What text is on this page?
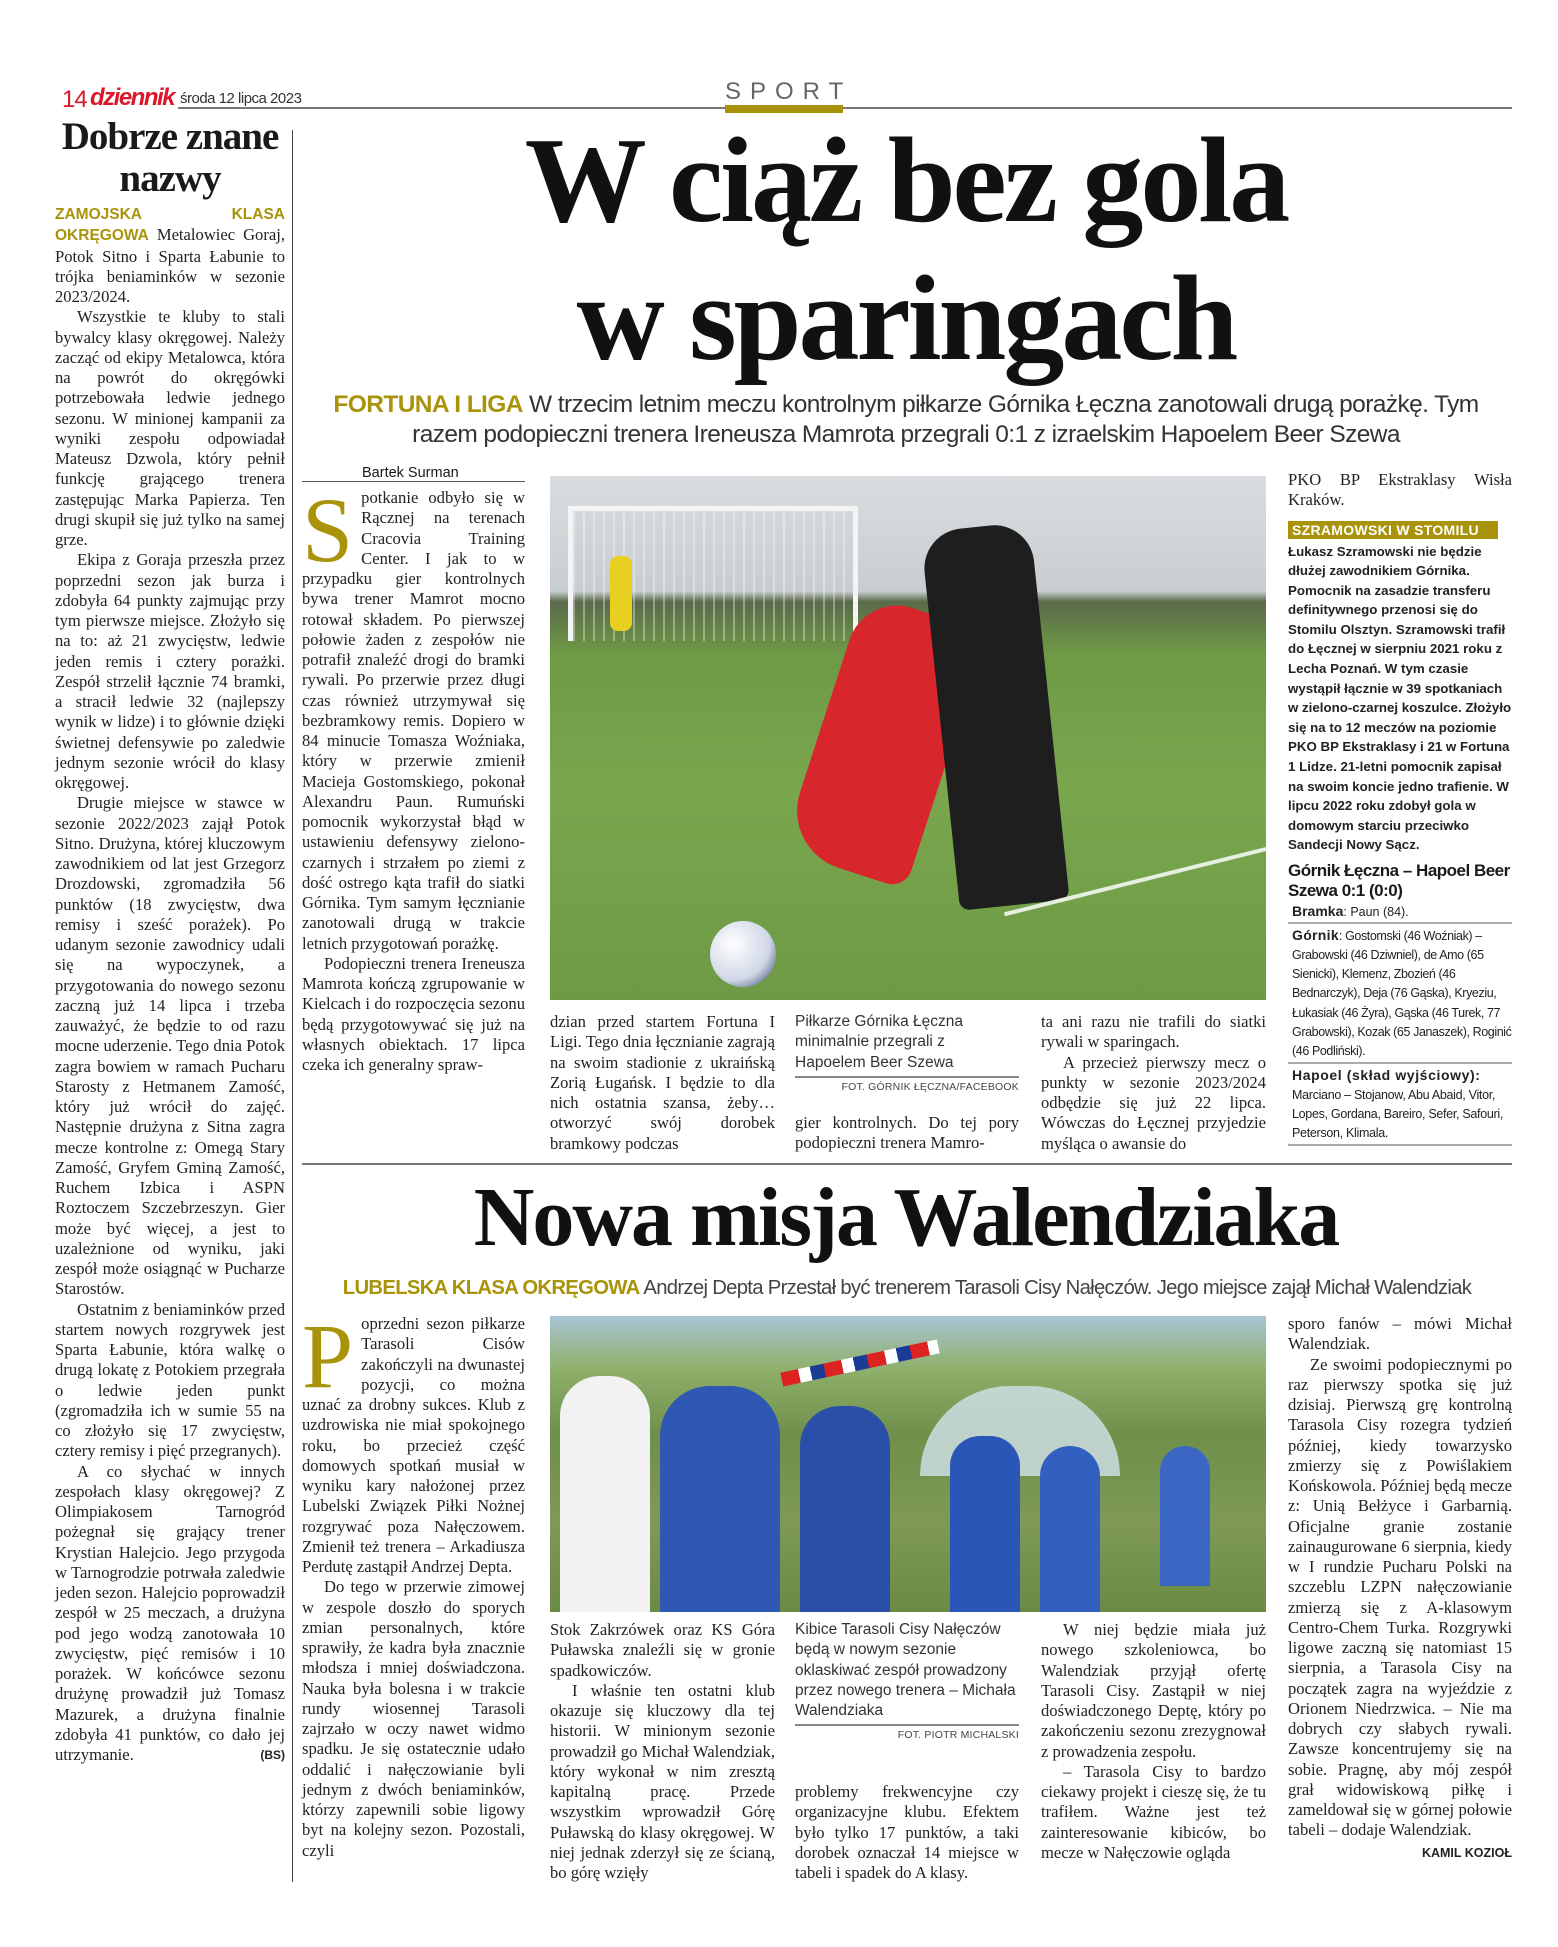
14 dziennik środa 12 lipca 2023	SPORT
Dobrze znane nazwy

ZAMOJSKA KLASA OKRĘGOWA Metalowiec Goraj, Potok Sitno i Sparta Łabunie to trójka beniaminków w sezonie 2023/2024.

Wszystkie te kluby to stali bywalcy klasy okręgowej. Należy zacząć od ekipy Metalowca, która na powrót do okręgówki potrzebowała ledwie jednego sezonu. W minionej kampanii za wyniki zespołu odpowiadał Mateusz Dzwola, który pełnił funkcję grającego trenera zastępując Marka Papierza. Ten drugi skupił się już tylko na samej grze.

Ekipa z Goraja przeszła przez poprzedni sezon jak burza i zdobyła 64 punkty zajmując przy tym pierwsze miejsce. Złożyło się na to: aż 21 zwycięstw, ledwie jeden remis i cztery porażki. Zespół strzelił łącznie 74 bramki, a stracił ledwie 32 (najlepszy wynik w lidze) i to głównie dzięki świetnej defensywie po zaledwie jednym sezonie wrócił do klasy okręgowej.

Drugie miejsce w stawce w sezonie 2022/2023 zajął Potok Sitno. Drużyna, której kluczowym zawodnikiem od lat jest Grzegorz Drozdowski, zgromadziła 56 punktów (18 zwycięstw, dwa remisy i sześć porażek). Po udanym sezonie zawodnicy udali się na wypoczynek, a przygotowania do nowego sezonu zaczną już 14 lipca i trzeba zauważyć, że będzie to od razu mocne uderzenie. Tego dnia Potok zagra bowiem w ramach Pucharu Starosty z Hetmanem Zamość, który już wrócił do zajęć. Następnie drużyna z Sitna zagra mecze kontrolne z: Omegą Stary Zamość, Gryfem Gminą Zamość, Ruchem Izbica i ASPN Roztoczem Szczebrzeszyn. Gier może być więcej, a jest to uzależnione od wyniku, jaki zespół może osiągnąć w Pucharze Starostów.

Ostatnim z beniaminków przed startem nowych rozgrywek jest Sparta Łabunie, która walkę o drugą lokatę z Potokiem przegrała o ledwie jeden punkt (zgromadziła ich w sumie 55 na co złożyło się 17 zwycięstw, cztery remisy i pięć przegranych).

A co słychać w innych zespołach klasy okręgowej? Z Olimpiakosem Tarnogród pożegnał się grający trener Krystian Halejcio. Jego przygoda w Tarnogrodzie potrwała zaledwie jeden sezon. Halejcio poprowadził zespół w 25 meczach, a drużyna pod jego wodzą zanotowała 10 zwycięstw, pięć remisów i 10 porażek. W końcówce sezonu drużynę prowadził już Tomasz Mazurek, a drużyna finalnie zdobyła 41 punktów, co dało jej utrzymanie.	(BS)

W ciąż bez gola
w sparingach
FORTUNA I LIGA W trzecim letnim meczu kontrolnym piłkarze Górnika Łęczna zanotowali drugą porażkę. Tym razem podopieczni trenera Ireneusza Mamrota przegrali 0:1 z izraelskim Hapoelem Beer Szewa
Bartek Surman

Spotkanie odbyło się w Rącznej na terenach Cracovia Training Center. I jak to w przypadku gier kontrolnych bywa trener Mamrot mocno rotował składem. Po pierwszej połowie żaden z zespołów nie potrafił znaleźć drogi do bramki rywali. Po przerwie przez długi czas również utrzymywał się bezbramkowy remis. Dopiero w 84 minucie Tomasza Woźniaka, który w przerwie zmienił Macieja Gostomskiego, pokonał Alexandru Paun. Rumuński pomocnik wykorzystał błąd w ustawieniu defensywy zielono-czarnych i strzałem po ziemi z dość ostrego kąta trafił do siatki Górnika. Tym samym łęcznianie zanotowali drugą w trakcie letnich przygotowań porażkę.

Podopieczni trenera Ireneusza Mamrota kończą zgrupowanie w Kielcach i do rozpoczęcia sezonu będą przygotowywać się już na własnych obiektach. 17 lipca czeka ich generalny spraw-

dzian przed startem Fortuna I Ligi. Tego dnia łęcznianie zagrają na swoim stadionie z ukraińską Zorią Ługańsk. I będzie to dla nich ostatnia szansa, żeby… otworzyć swój dorobek bramkowy podczas

Piłkarze Górnika Łęczna minimalnie przegrali z Hapoelem Beer Szewa
FOT. GÓRNIK ŁĘCZNA/FACEBOOK

gier kontrolnych. Do tej pory podopieczni trenera Mamro-

ta ani razu nie trafili do siatki rywali w sparingach.

A przecież pierwszy mecz o punkty w sezonie 2023/2024 odbędzie się już 22 lipca. Wówczas do Łęcznej przyjedzie myśląca o awansie do

PKO BP Ekstraklasy Wisła Kraków.

SZRAMOWSKI W STOMILU

Łukasz Szramowski nie będzie dłużej zawodnikiem Górnika. Pomocnik na zasadzie transferu definitywnego przenosi się do Stomilu Olsztyn. Szramowski trafił do Łęcznej w sierpniu 2021 roku z Lecha Poznań. W tym czasie wystąpił łącznie w 39 spotkaniach w zielono-czarnej koszulce. Złożyło się na to 12 meczów na poziomie PKO BP Ekstraklasy i 21 w Fortuna 1 Lidze. 21-letni pomocnik zapisał na swoim koncie jedno trafienie. W lipcu 2022 roku zdobył gola w domowym starciu przeciwko Sandecji Nowy Sącz.

Górnik Łęczna – Hapoel Beer Szewa 0:1 (0:0)

Bramka: Paun (84).

Górnik: Gostomski (46 Woźniak) – Grabowski (46 Dziwniel), de Amo (65 Sienicki), Klemenz, Zbozień (46 Bednarczyk), Deja (76 Gąska), Kryeziu, Łukasiak (46 Żyra), Gąska (46 Turek, 77 Grabowski), Kozak (65 Janaszek), Roginić (46 Podliński).

Hapoel (skład wyjściowy):
Marciano – Stojanow, Abu Abaid, Vitor, Lopes, Gordana, Bareiro, Sefer, Safouri, Peterson, Klimala.

Nowa misja Walendziaka
LUBELSKA KLASA OKRĘGOWA Andrzej Depta Przestał być trenerem Tarasoli Cisy Nałęczów. Jego miejsce zajął Michał Walendziak

Poprzedni sezon piłkarze Tarasoli Cisów zakończyli na dwunastej pozycji, co można uznać za drobny sukces. Klub z uzdrowiska nie miał spokojnego roku, bo przecież część domowych spotkań musiał w wyniku kary nałożonej przez Lubelski Związek Piłki Nożnej rozgrywać poza Nałęczowem. Zmienił też trenera – Arkadiusza Perdutę zastąpił Andrzej Depta.

Do tego w przerwie zimowej w zespole doszło do sporych zmian personalnych, które sprawiły, że kadra była znacznie młodsza i mniej doświadczona. Nauka była bolesna i w trakcie rundy wiosennej Tarasoli zajrzało w oczy nawet widmo spadku. Je się ostatecznie udało oddalić i nałęczowianie byli jednym z dwóch beniaminków, którzy zapewnili sobie ligowy byt na kolejny sezon. Pozostali, czyli

Stok Zakrzówek oraz KS Góra Puławska znaleźli się w gronie spadkowiczów.

I właśnie ten ostatni klub okazuje się kluczowy dla tej historii. W minionym sezonie prowadził go Michał Walendziak, który wykonał w nim zresztą kapitalną pracę. Przede wszystkim wprowadził Górę Puławską do klasy okręgowej. W niej jednak zderzył się ze ścianą, bo górę wzięły

Kibice Tarasoli Cisy Nałęczów będą w nowym sezonie oklaskiwać zespół prowadzony przez nowego trenera – Michała Walendziaka
FOT. PIOTR MICHALSKI

problemy frekwencyjne czy organizacyjne klubu. Efektem było tylko 17 punktów, a taki dorobek oznaczał 14 miejsce w tabeli i spadek do A klasy.

W niej będzie miała już nowego szkoleniowca, bo Walendziak przyjął ofertę Tarasoli Cisy. Zastąpił w niej doświadczonego Deptę, który po zakończeniu sezonu zrezygnował z prowadzenia zespołu.

– Tarasola Cisy to bardzo ciekawy projekt i cieszę się, że tu trafiłem. Ważne jest też zainteresowanie kibiców, bo mecze w Nałęczowie ogląda

sporo fanów – mówi Michał Walendziak.

Ze swoimi podopiecznymi po raz pierwszy spotka się już dzisiaj. Pierwszą grę kontrolną Tarasola Cisy rozegra tydzień później, kiedy towarzysko zmierzy się z Powiślakiem Końskowola. Później będą mecze z: Unią Bełżyce i Garbarnią. Oficjalne granie zostanie zainaugurowane 6 sierpnia, kiedy w I rundzie Pucharu Polski na szczeblu LZPN nałęczowianie zmierzą się z A-klasowym Centro-Chem Turka. Rozgrywki ligowe zaczną się natomiast 15 sierpnia, a Tarasola Cisy na początek zagra na wyjeździe z Orionem Niedrzwica. – Nie ma dobrych czy słabych rywali. Zawsze koncentrujemy się na sobie. Pragnę, aby mój zespół grał widowiskową piłkę i zameldował się w górnej połowie tabeli – dodaje Walendziak.

KAMIL KOZIOŁ
